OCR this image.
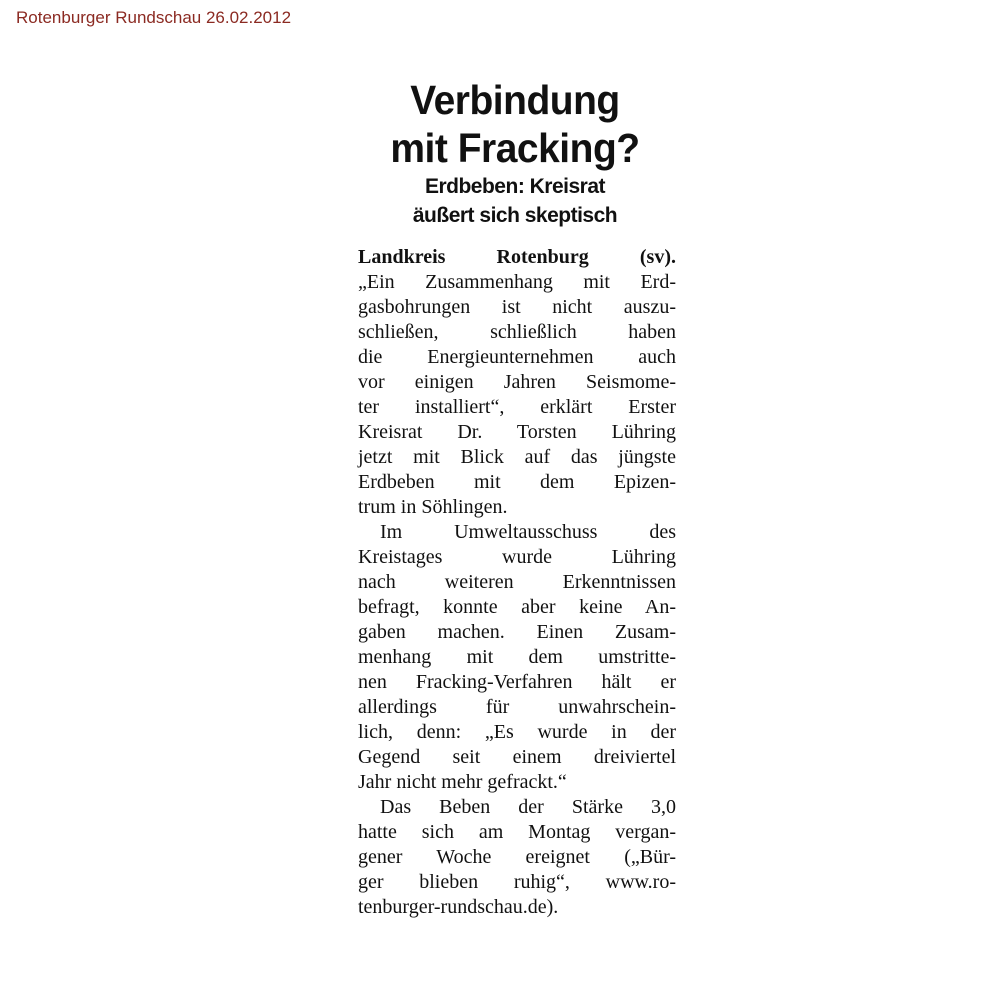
Rotenburger Rundschau 26.02.2012

Verbindung
mit Fracking?
Erdbeben: Kreisrat
äußert sich skeptisch

Landkreis Rotenburg (sv).

„Ein Zusammenhang mit Erd-

gasbohrungen ist nicht auszu-

schließen, schließlich haben

die Energieunternehmen auch

vor einigen Jahren Seismome-

ter installiert“, erklärt Erster

Kreisrat Dr. Torsten Lühring

jetzt mit Blick auf das jüngste

Erdbeben mit dem Epizen-

trum in Söhlingen.

Im Umweltausschuss des

Kreistages wurde Lühring

nach weiteren Erkenntnissen

befragt, konnte aber keine An-

gaben machen. Einen Zusam-

menhang mit dem umstritte-

nen Fracking-Verfahren hält er

allerdings für unwahrschein-

lich, denn: „Es wurde in der

Gegend seit einem dreiviertel

Jahr nicht mehr gefrackt.“

Das Beben der Stärke 3,0

hatte sich am Montag vergan-

gener Woche ereignet („Bür-

ger blieben ruhig“, www.ro-

tenburger-rundschau.de).
